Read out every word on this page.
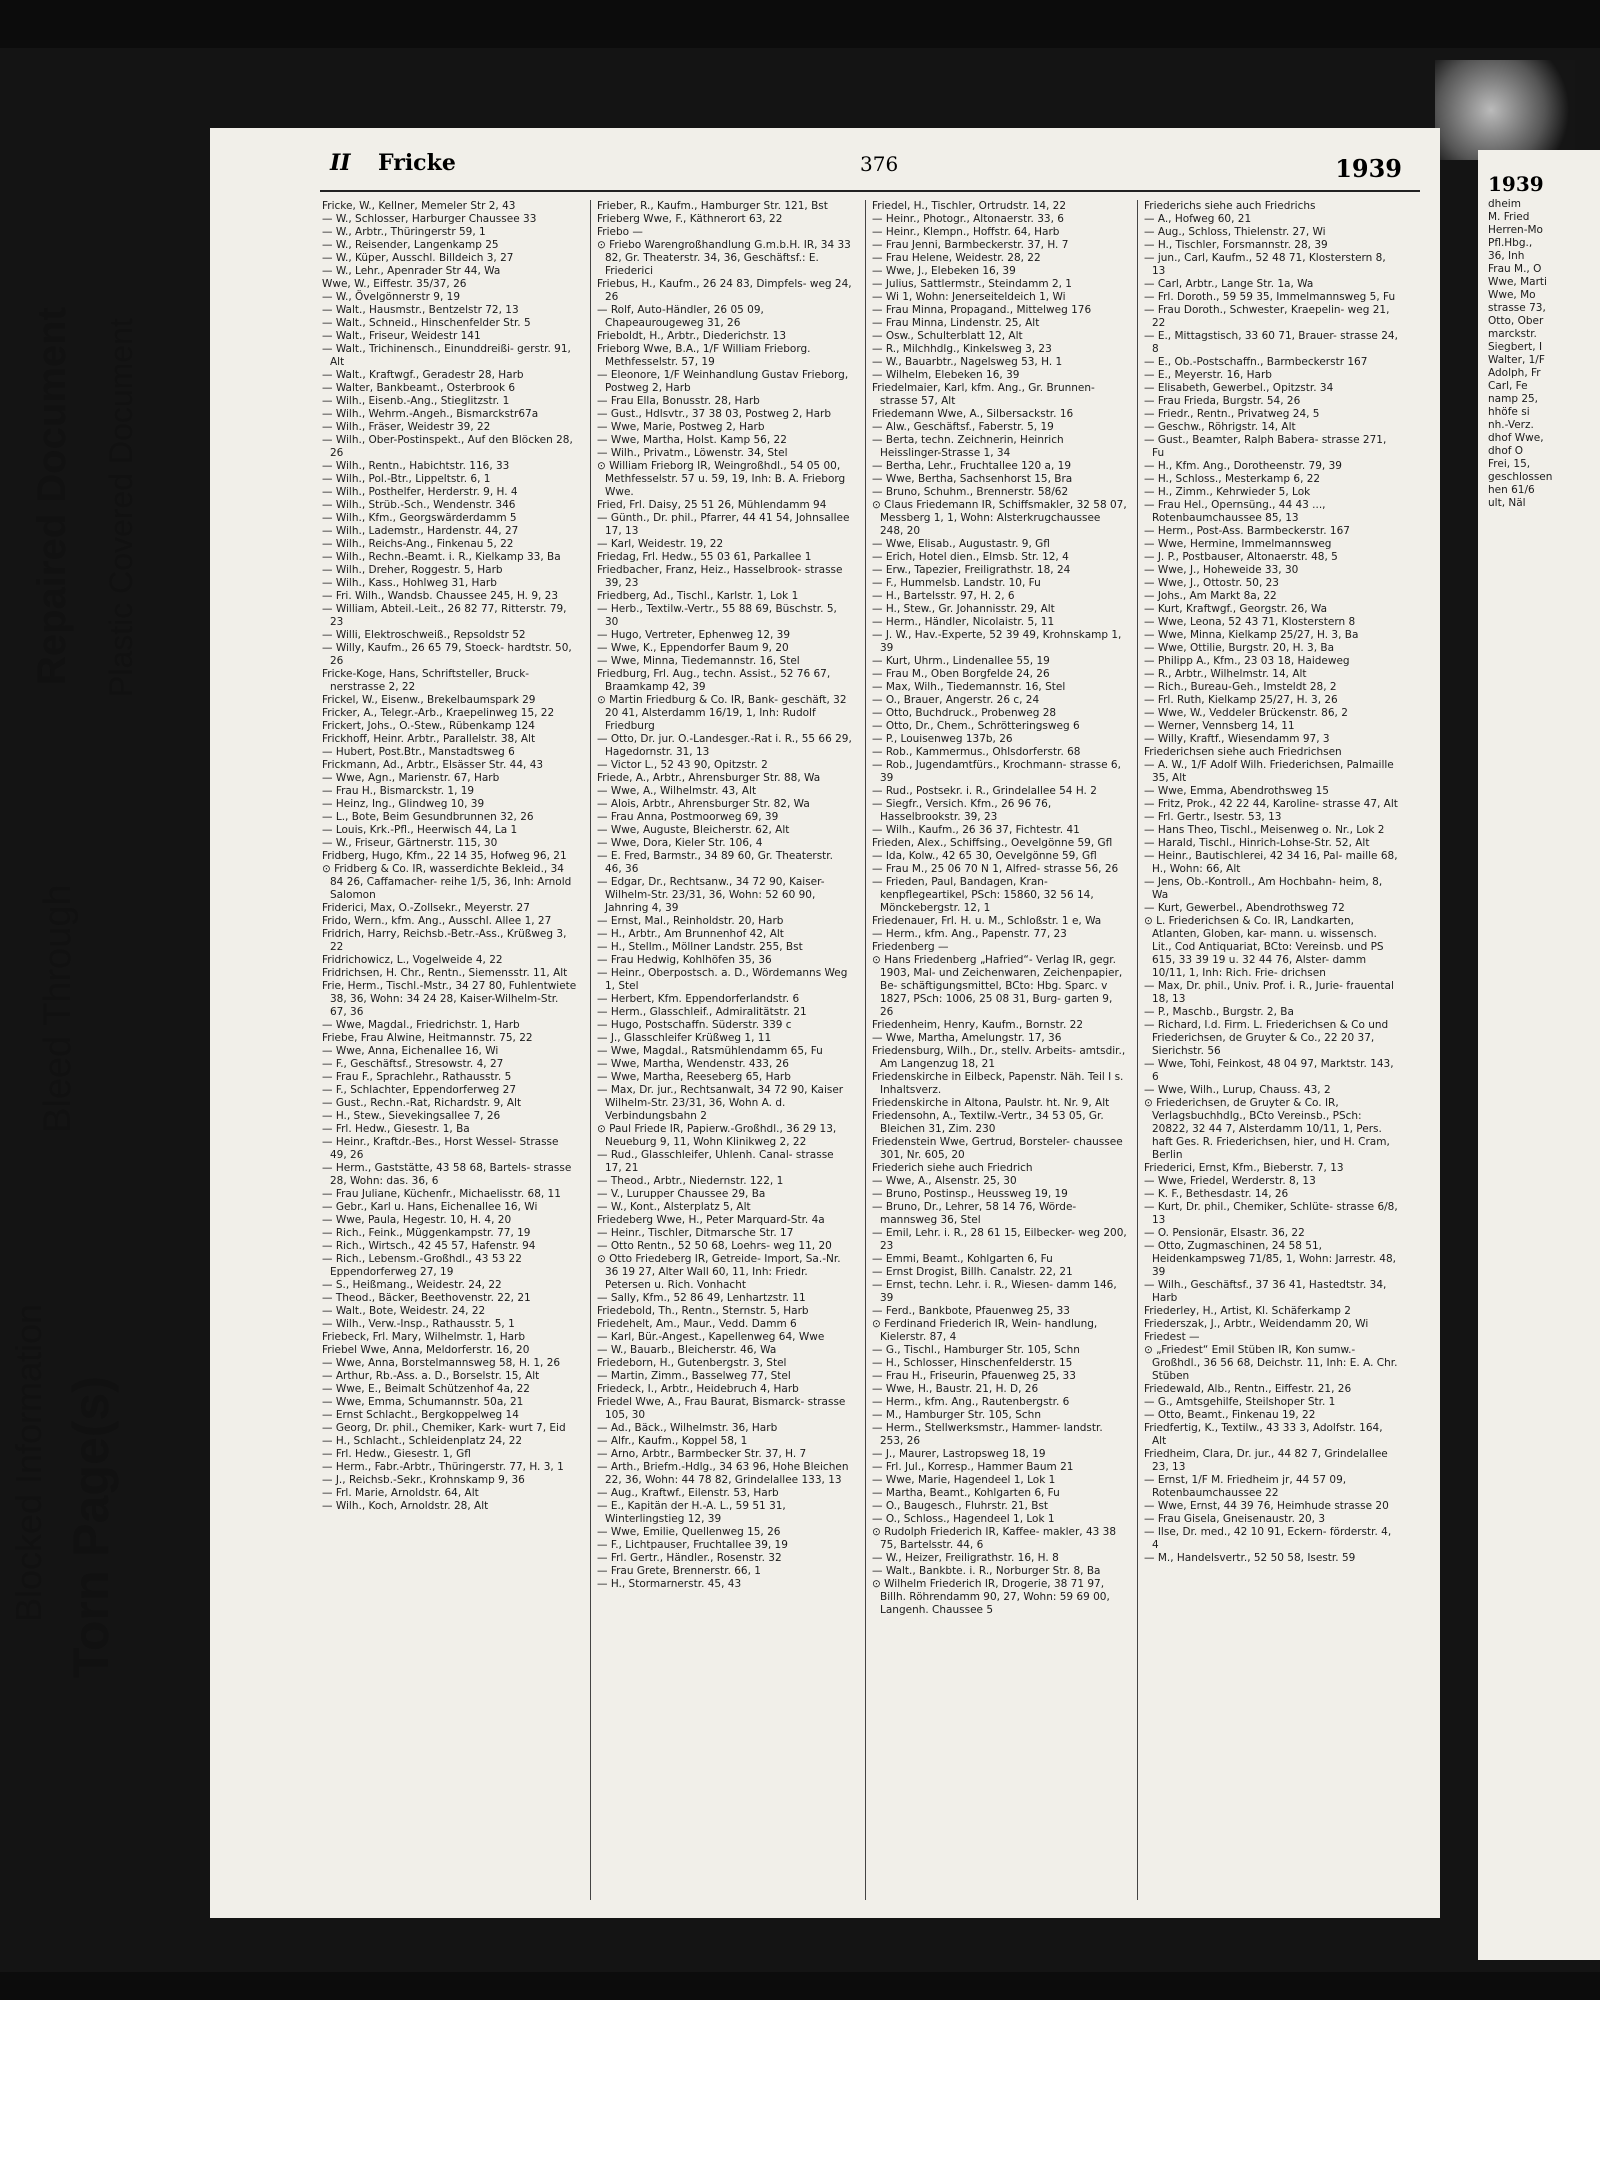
Blocked Information Torn Page(s)
Bleed Through
Repaired Document Plastic Covered Document
II Fricke	376	1939

Fricke, W., Kellner, Memeler Str 2, 43

— W., Schlosser, Harburger Chaussee 33

— W., Arbtr., Thüringerstr 59, 1

— W., Reisender, Langenkamp 25

— W., Küper, Ausschl. Billdeich 3, 27

— W., Lehr., Apenrader Str 44, Wa

Wwe, W., Eiffestr. 35/37, 26

— W., Övelgönnerstr 9, 19

— Walt., Hausmstr., Bentzelstr 72, 13

— Walt., Schneid., Hinschenfelder Str. 5

— Walt., Friseur, Weidestr 141

— Walt., Trichinensch., Einunddreißi- gerstr. 91, Alt

— Walt., Kraftwgf., Geradestr 28, Harb

— Walter, Bankbeamt., Osterbrook 6

— Wilh., Eisenb.-Ang., Stieglitzstr. 1

— Wilh., Wehrm.-Angeh., Bismarckstr67a

— Wilh., Fräser, Weidestr 39, 22

— Wilh., Ober-Postinspekt., Auf den Blöcken 28, 26

— Wilh., Rentn., Habichtstr. 116, 33

— Wilh., Pol.-Btr., Lippeltstr. 6, 1

— Wilh., Posthelfer, Herderstr. 9, H. 4

— Wilh., Strüb.-Sch., Wendenstr. 346

— Wilh., Kfm., Georgswärderdamm 5

— Wilh., Lademstr., Hardenstr. 44, 27

— Wilh., Reichs-Ang., Finkenau 5, 22

— Wilh., Rechn.-Beamt. i. R., Kielkamp 33, Ba

— Wilh., Dreher, Roggestr. 5, Harb

— Wilh., Kass., Hohlweg 31, Harb

— Fri. Wilh., Wandsb. Chaussee 245, H. 9, 23

— William, Abteil.-Leit., 26 82 77, Ritterstr. 79, 23

— Willi, Elektroschweiß., Repsoldstr 52

— Willy, Kaufm., 26 65 79, Stoeck- hardtstr. 50, 26

Fricke-Koge, Hans, Schriftsteller, Bruck- nerstrasse 2, 22

Frickel, W., Eisenw., Brekelbaumspark 29

Fricker, A., Telegr.-Arb., Kraepelinweg 15, 22

Frickert, Johs., O.-Stew., Rübenkamp 124

Frickhoff, Heinr. Arbtr., Parallelstr. 38, Alt

— Hubert, Post.Btr., Manstadtsweg 6

Frickmann, Ad., Arbtr., Elsässer Str. 44, 43

— Wwe, Agn., Marienstr. 67, Harb

— Frau H., Bismarckstr. 1, 19

— Heinz, Ing., Glindweg 10, 39

— L., Bote, Beim Gesundbrunnen 32, 26

— Louis, Krk.-Pfl., Heerwisch 44, La 1

— W., Friseur, Gärtnerstr. 115, 30

Fridberg, Hugo, Kfm., 22 14 35, Hofweg 96, 21

⊙ Fridberg & Co. IR, wasserdichte Bekleid., 34 84 26, Caffamacher- reihe 1/5, 36, Inh: Arnold Salomon

Friderici, Max, O.-Zollsekr., Meyerstr. 27

Frido, Wern., kfm. Ang., Ausschl. Allee 1, 27

Fridrich, Harry, Reichsb.-Betr.-Ass., Krüßweg 3, 22

Fridrichowicz, L., Vogelweide 4, 22

Fridrichsen, H. Chr., Rentn., Siemensstr. 11, Alt

Frie, Herm., Tischl.-Mstr., 34 27 80, Fuhlentwiete 38, 36, Wohn: 34 24 28, Kaiser-Wilhelm-Str. 67, 36

— Wwe, Magdal., Friedrichstr. 1, Harb

Friebe, Frau Alwine, Heitmannstr. 75, 22

— Wwe, Anna, Eichenallee 16, Wi

— F., Geschäftsf., Stresowstr. 4, 27

— Frau F., Sprachlehr., Rathausstr. 5

— F., Schlachter, Eppendorferweg 27

— Gust., Rechn.-Rat, Richardstr. 9, Alt

— H., Stew., Sievekingsallee 7, 26

— Frl. Hedw., Giesestr. 1, Ba

— Heinr., Kraftdr.-Bes., Horst Wessel- Strasse 49, 26

— Herm., Gaststätte, 43 58 68, Bartels- strasse 28, Wohn: das. 36, 6

— Frau Juliane, Küchenfr., Michaelisstr. 68, 11

— Gebr., Karl u. Hans, Eichenallee 16, Wi

— Wwe, Paula, Hegestr. 10, H. 4, 20

— Rich., Feink., Müggenkampstr. 77, 19

— Rich., Wirtsch., 42 45 57, Hafenstr. 94

— Rich., Lebensm.-Großhdl., 43 53 22 Eppendorferweg 27, 19

— S., Heißmang., Weidestr. 24, 22

— Theod., Bäcker, Beethovenstr. 22, 21

— Walt., Bote, Weidestr. 24, 22

— Wilh., Verw.-Insp., Rathausstr. 5, 1

Friebeck, Frl. Mary, Wilhelmstr. 1, Harb

Friebel Wwe, Anna, Meldorferstr. 16, 20

— Wwe, Anna, Borstelmannsweg 58, H. 1, 26

— Arthur, Rb.-Ass. a. D., Borselstr. 15, Alt

— Wwe, E., Beimalt Schützenhof 4a, 22

— Wwe, Emma, Schumannstr. 50a, 21

— Ernst Schlacht., Bergkoppelweg 14

— Georg, Dr. phil., Chemiker, Kark- wurt 7, Eid

— H., Schlacht., Schleidenplatz 24, 22

— Frl. Hedw., Giesestr. 1, Gfl

— Herm., Fabr.-Arbtr., Thüringerstr. 77, H. 3, 1

— J., Reichsb.-Sekr., Krohnskamp 9, 36

— Frl. Marie, Arnoldstr. 64, Alt

— Wilh., Koch, Arnoldstr. 28, Alt

Frieber, R., Kaufm., Hamburger Str. 121, Bst

Frieberg Wwe, F., Käthnerort 63, 22

Friebo —

⊙ Friebo Warengroßhandlung G.m.b.H. IR, 34 33 82, Gr. Theaterstr. 34, 36, Geschäftsf.: E. Friederici

Friebus, H., Kaufm., 26 24 83, Dimpfels- weg 24, 26

— Rolf, Auto-Händler, 26 05 09, Chapeaurougeweg 31, 26

Frieboldt, H., Arbtr., Diederichstr. 13

Frieborg Wwe, B.A., 1/F William Frieborg. Methfesselstr. 57, 19

— Eleonore, 1/F Weinhandlung Gustav Frieborg, Postweg 2, Harb

— Frau Ella, Bonusstr. 28, Harb

— Gust., Hdlsvtr., 37 38 03, Postweg 2, Harb

— Wwe, Marie, Postweg 2, Harb

— Wwe, Martha, Holst. Kamp 56, 22

— Wilh., Privatm., Löwenstr. 34, Stel

⊙ William Frieborg IR, Weingroßhdl., 54 05 00, Methfesselstr. 57 u. 59, 19, Inh: B. A. Frieborg Wwe.

Fried, Frl. Daisy, 25 51 26, Mühlendamm 94

— Günth., Dr. phil., Pfarrer, 44 41 54, Johnsallee 17, 13

— Karl, Weidestr. 19, 22

Friedag, Frl. Hedw., 55 03 61, Parkallee 1

Friedbacher, Franz, Heiz., Hasselbrook- strasse 39, 23

Friedberg, Ad., Tischl., Karlstr. 1, Lok 1

— Herb., Textilw.-Vertr., 55 88 69, Büschstr. 5, 30

— Hugo, Vertreter, Ephenweg 12, 39

— Wwe, K., Eppendorfer Baum 9, 20

— Wwe, Minna, Tiedemannstr. 16, Stel

Friedburg, Frl. Aug., techn. Assist., 52 76 67, Braamkamp 42, 39

⊙ Martin Friedburg & Co. IR, Bank- geschäft, 32 20 41, Alsterdamm 16/19, 1, Inh: Rudolf Friedburg

— Otto, Dr. jur. O.-Landesger.-Rat i. R., 55 66 29, Hagedornstr. 31, 13

— Victor L., 52 43 90, Opitzstr. 2

Friede, A., Arbtr., Ahrensburger Str. 88, Wa

— Wwe, A., Wilhelmstr. 43, Alt

— Alois, Arbtr., Ahrensburger Str. 82, Wa

— Frau Anna, Postmoorweg 69, 39

— Wwe, Auguste, Bleicherstr. 62, Alt

— Wwe, Dora, Kieler Str. 106, 4

— E. Fred, Barmstr., 34 89 60, Gr. Theaterstr. 46, 36

— Edgar, Dr., Rechtsanw., 34 72 90, Kaiser-Wilhelm-Str. 23/31, 36, Wohn: 52 60 90, Jahnring 4, 39

— Ernst, Mal., Reinholdstr. 20, Harb

— H., Arbtr., Am Brunnenhof 42, Alt

— H., Stellm., Möllner Landstr. 255, Bst

— Frau Hedwig, Kohlhöfen 35, 36

— Heinr., Oberpostsch. a. D., Wördemanns Weg 1, Stel

— Herbert, Kfm. Eppendorferlandstr. 6

— Herm., Glasschleif., Admiralitätstr. 21

— Hugo, Postschaffn. Süderstr. 339 c

— J., Glasschleifer Krüßweg 1, 11

— Wwe, Magdal., Ratsmühlendamm 65, Fu

— Wwe, Martha, Wendenstr. 433, 26

— Wwe, Martha, Reeseberg 65, Harb

— Max, Dr. jur., Rechtsanwalt, 34 72 90, Kaiser Wilhelm-Str. 23/31, 36, Wohn A. d. Verbindungsbahn 2

⊙ Paul Friede IR, Papierw.-Großhdl., 36 29 13, Neueburg 9, 11, Wohn Klinikweg 2, 22

— Rud., Glasschleifer, Uhlenh. Canal- strasse 17, 21

— Theod., Arbtr., Niedernstr. 122, 1

— V., Lurupper Chaussee 29, Ba

— W., Kont., Alsterplatz 5, Alt

Friedeberg Wwe, H., Peter Marquard-Str. 4a

— Heinr., Tischler, Ditmarsche Str. 17

— Otto Rentn., 52 50 68, Loehrs- weg 11, 20

⊙ Otto Friedeberg IR, Getreide- Import, Sa.-Nr. 36 19 27, Alter Wall 60, 11, Inh: Friedr. Petersen u. Rich. Vonhacht

— Sally, Kfm., 52 86 49, Lenhartzstr. 11

Friedebold, Th., Rentn., Sternstr. 5, Harb

Friedehelt, Am., Maur., Vedd. Damm 6

— Karl, Bür.-Angest., Kapellenweg 64, Wwe

— W., Bauarb., Bleicherstr. 46, Wa

Friedeborn, H., Gutenbergstr. 3, Stel

— Martin, Zimm., Basselweg 77, Stel

Friedeck, I., Arbtr., Heidebruch 4, Harb

Friedel Wwe, A., Frau Baurat, Bismarck- strasse 105, 30

— Ad., Bäck., Wilhelmstr. 36, Harb

— Alfr., Kaufm., Koppel 58, 1

— Arno, Arbtr., Barmbecker Str. 37, H. 7

— Arth., Briefm.-Hdlg., 34 63 96, Hohe Bleichen 22, 36, Wohn: 44 78 82, Grindelallee 133, 13

— Aug., Kraftwf., Eilenstr. 53, Harb

— E., Kapitän der H.-A. L., 59 51 31, Winterlingstieg 12, 39

— Wwe, Emilie, Quellenweg 15, 26

— F., Lichtpauser, Fruchtallee 39, 19

— Frl. Gertr., Händler., Rosenstr. 32

— Frau Grete, Brennerstr. 66, 1

— H., Stormarnerstr. 45, 43

Friedel, H., Tischler, Ortrudstr. 14, 22

— Heinr., Photogr., Altonaerstr. 33, 6

— Heinr., Klempn., Hoffstr. 64, Harb

— Frau Jenni, Barmbeckerstr. 37, H. 7

— Frau Helene, Weidestr. 28, 22

— Wwe, J., Elebeken 16, 39

— Julius, Sattlermstr., Steindamm 2, 1

— Wi 1, Wohn: Jenerseiteldeich 1, Wi

— Frau Minna, Propagand., Mittelweg 176

— Frau Minna, Lindenstr. 25, Alt

— Osw., Schulterblatt 12, Alt

— R., Milchhdlg., Kinkelsweg 3, 23

— W., Bauarbtr., Nagelsweg 53, H. 1

— Wilhelm, Elebeken 16, 39

Friedelmaier, Karl, kfm. Ang., Gr. Brunnen- strasse 57, Alt

Friedemann Wwe, A., Silbersackstr. 16

— Alw., Geschäftsf., Faberstr. 5, 19

— Berta, techn. Zeichnerin, Heinrich Heisslinger-Strasse 1, 34

— Bertha, Lehr., Fruchtallee 120 a, 19

— Wwe, Bertha, Sachsenhorst 15, Bra

— Bruno, Schuhm., Brennerstr. 58/62

⊙ Claus Friedemann IR, Schiffsmakler, 32 58 07, Messberg 1, 1, Wohn: Alsterkrugchaussee 248, 20

— Wwe, Elisab., Augustastr. 9, Gfl

— Erich, Hotel dien., Elmsb. Str. 12, 4

— Erw., Tapezier, Freiligrathstr. 18, 24

— F., Hummelsb. Landstr. 10, Fu

— H., Bartelsstr. 97, H. 2, 6

— H., Stew., Gr. Johannisstr. 29, Alt

— Herm., Händler, Nicolaistr. 5, 11

— J. W., Hav.-Experte, 52 39 49, Krohnskamp 1, 39

— Kurt, Uhrm., Lindenallee 55, 19

— Frau M., Oben Borgfelde 24, 26

— Max, Wilh., Tiedemannstr. 16, Stel

— O., Brauer, Angerstr. 26 c, 24

— Otto, Buchdruck., Probenweg 28

— Otto, Dr., Chem., Schrötteringsweg 6

— P., Louisenweg 137b, 26

— Rob., Kammermus., Ohlsdorferstr. 68

— Rob., Jugendamtfürs., Krochmann- strasse 6, 39

— Rud., Postsekr. i. R., Grindelallee 54 H. 2

— Siegfr., Versich. Kfm., 26 96 76, Hasselbrookstr. 39, 23

— Wilh., Kaufm., 26 36 37, Fichtestr. 41

Frieden, Alex., Schiffsing., Oevelgönne 59, Gfl

— Ida, Kolw., 42 65 30, Oevelgönne 59, Gfl

— Frau M., 25 06 70 N 1, Alfred- strasse 56, 26

— Frieden, Paul, Bandagen, Kran- kenpflegeartikel, PSch: 15860, 32 56 14, Mönckebergstr. 12, 1

Friedenauer, Frl. H. u. M., Schloßstr. 1 e, Wa

— Herm., kfm. Ang., Papenstr. 77, 23

Friedenberg —

⊙ Hans Friedenberg „Hafried“- Verlag IR, gegr. 1903, Mal- und Zeichenwaren, Zeichenpapier, Be- schäftigungsmittel, BCto: Hbg. Sparc. v 1827, PSch: 1006, 25 08 31, Burg- garten 9, 26

Friedenheim, Henry, Kaufm., Bornstr. 22

— Wwe, Martha, Amelungstr. 17, 36

Friedensburg, Wilh., Dr., stellv. Arbeits- amtsdir., Am Langenzug 18, 21

Friedenskirche in Eilbeck, Papenstr. Näh. Teil I s. Inhaltsverz.

Friedenskirche in Altona, Paulstr. ht. Nr. 9, Alt

Friedensohn, A., Textilw.-Vertr., 34 53 05, Gr. Bleichen 31, Zim. 230

Friedenstein Wwe, Gertrud, Borsteler- chaussee 301, Nr. 605, 20

Friederich siehe auch Friedrich

— Wwe, A., Alsenstr. 25, 30

— Bruno, Postinsp., Heussweg 19, 19

— Bruno, Dr., Lehrer, 58 14 76, Wörde- mannsweg 36, Stel

— Emil, Lehr. i. R., 28 61 15, Eilbecker- weg 200, 23

— Emmi, Beamt., Kohlgarten 6, Fu

— Ernst Drogist, Billh. Canalstr. 22, 21

— Ernst, techn. Lehr. i. R., Wiesen- damm 146, 39

— Ferd., Bankbote, Pfauenweg 25, 33

⊙ Ferdinand Friederich IR, Wein- handlung, Kielerstr. 87, 4

— G., Tischl., Hamburger Str. 105, Schn

— H., Schlosser, Hinschenfelderstr. 15

— Frau H., Friseurin, Pfauenweg 25, 33

— Wwe, H., Baustr. 21, H. D, 26

— Herm., kfm. Ang., Rautenbergstr. 6

— M., Hamburger Str. 105, Schn

— Herm., Stellwerksmstr., Hammer- landstr. 253, 26

— J., Maurer, Lastropsweg 18, 19

— Frl. Jul., Korresp., Hammer Baum 21

— Wwe, Marie, Hagendeel 1, Lok 1

— Martha, Beamt., Kohlgarten 6, Fu

— O., Baugesch., Fluhrstr. 21, Bst

— O., Schloss., Hagendeel 1, Lok 1

⊙ Rudolph Friederich IR, Kaffee- makler, 43 38 75, Bartelsstr. 44, 6

— W., Heizer, Freiligrathstr. 16, H. 8

— Walt., Bankbte. i. R., Norburger Str. 8, Ba

⊙ Wilhelm Friederich IR, Drogerie, 38 71 97, Billh. Röhrendamm 90, 27, Wohn: 59 69 00, Langenh. Chaussee 5

Friederichs siehe auch Friedrichs

— A., Hofweg 60, 21

— Aug., Schloss, Thielenstr. 27, Wi

— H., Tischler, Forsmannstr. 28, 39

— jun., Carl, Kaufm., 52 48 71, Klosterstern 8, 13

— Carl, Arbtr., Lange Str. 1a, Wa

— Frl. Doroth., 59 59 35, Immelmannsweg 5, Fu

— Frau Doroth., Schwester, Kraepelin- weg 21, 22

— E., Mittagstisch, 33 60 71, Brauer- strasse 24, 8

— E., Ob.-Postschaffn., Barmbeckerstr 167

— E., Meyerstr. 16, Harb

— Elisabeth, Gewerbel., Opitzstr. 34

— Frau Frieda, Burgstr. 54, 26

— Friedr., Rentn., Privatweg 24, 5

— Geschw., Röhrigstr. 14, Alt

— Gust., Beamter, Ralph Babera- strasse 271, Fu

— H., Kfm. Ang., Dorotheenstr. 79, 39

— H., Schloss., Mesterkamp 6, 22

— H., Zimm., Kehrwieder 5, Lok

— Frau Hel., Opernsüng., 44 43 ..., Rotenbaumchaussee 85, 13

— Herm., Post-Ass. Barmbeckerstr. 167

— Wwe, Hermine, Immelmannsweg

— J. P., Postbauser, Altonaerstr. 48, 5

— Wwe, J., Hoheweide 33, 30

— Wwe, J., Ottostr. 50, 23

— Johs., Am Markt 8a, 22

— Kurt, Kraftwgf., Georgstr. 26, Wa

— Wwe, Leona, 52 43 71, Klosterstern 8

— Wwe, Minna, Kielkamp 25/27, H. 3, Ba

— Wwe, Ottilie, Burgstr. 20, H. 3, Ba

— Philipp A., Kfm., 23 03 18, Haideweg

— R., Arbtr., Wilhelmstr. 14, Alt

— Rich., Bureau-Geh., Imsteldt 28, 2

— Frl. Ruth, Kielkamp 25/27, H. 3, 26

— Wwe, W., Veddeler Brückenstr. 86, 2

— Werner, Vennsberg 14, 11

— Willy, Kraftf., Wiesendamm 97, 3

Friederichsen siehe auch Friedrichsen

— A. W., 1/F Adolf Wilh. Friederichsen, Palmaille 35, Alt

— Wwe, Emma, Abendrothsweg 15

— Fritz, Prok., 42 22 44, Karoline- strasse 47, Alt

— Frl. Gertr., Isestr. 53, 13

— Hans Theo, Tischl., Meisenweg o. Nr., Lok 2

— Harald, Tischl., Hinrich-Lohse-Str. 52, Alt

— Heinr., Bautischlerei, 42 34 16, Pal- maille 68, H., Wohn: 66, Alt

— Jens, Ob.-Kontroll., Am Hochbahn- heim, 8, Wa

— Kurt, Gewerbel., Abendrothsweg 72

⊙ L. Friederichsen & Co. IR, Landkarten, Atlanten, Globen, kar- mann. u. wissensch. Lit., Cod Antiquariat, BCto: Vereinsb. und PS 615, 33 39 19 u. 32 44 76, Alster- damm 10/11, 1, Inh: Rich. Frie- drichsen

— Max, Dr. phil., Univ. Prof. i. R., Jurie- frauental 18, 13

— P., Maschb., Burgstr. 2, Ba

— Richard, I.d. Firm. L. Friederichsen & Co und Friederichsen, de Gruyter & Co., 22 20 37, Sierichstr. 56

— Wwe, Tohi, Feinkost, 48 04 97, Marktstr. 143, 6

— Wwe, Wilh., Lurup, Chauss. 43, 2

⊙ Friederichsen, de Gruyter & Co. IR, Verlagsbuchhdlg., BCto Vereinsb., PSch: 20822, 32 44 7, Alsterdamm 10/11, 1, Pers. haft Ges. R. Friederichsen, hier, und H. Cram, Berlin

Friederici, Ernst, Kfm., Bieberstr. 7, 13

— Wwe, Friedel, Werderstr. 8, 13

— K. F., Bethesdastr. 14, 26

— Kurt, Dr. phil., Chemiker, Schlüte- strasse 6/8, 13

— O. Pensionär, Elsastr. 36, 22

— Otto, Zugmaschinen, 24 58 51, Heidenkampsweg 71/85, 1, Wohn: Jarrestr. 48, 39

— Wilh., Geschäftsf., 37 36 41, Hastedtstr. 34, Harb

Friederley, H., Artist, Kl. Schäferkamp 2

Friederszak, J., Arbtr., Weidendamm 20, Wi

Friedest —

⊙ „Friedest“ Emil Stüben IR, Kon sumw.-Großhdl., 36 56 68, Deichstr. 11, Inh: E. A. Chr. Stüben

Friedewald, Alb., Rentn., Eiffestr. 21, 26

— G., Amtsgehilfe, Steilshoper Str. 1

— Otto, Beamt., Finkenau 19, 22

Friedfertig, K., Textilw., 43 33 3, Adolfstr. 164, Alt

Friedheim, Clara, Dr. jur., 44 82 7, Grindelallee 23, 13

— Ernst, 1/F M. Friedheim jr, 44 57 09, Rotenbaumchaussee 22

— Wwe, Ernst, 44 39 76, Heimhude strasse 20

— Frau Gisela, Gneisenaustr. 20, 3

— Ilse, Dr. med., 42 10 91, Eckern- förderstr. 4, 4

— M., Handelsvertr., 52 50 58, Isestr. 59

1939

dheim

M. Fried

Herren-Mo

Pfl.Hbg.,

36, Inh

Frau M., O

Wwe, Marti

Wwe, Mo

strasse 73,

Otto, Ober

marckstr.

Siegbert, I

Walter, 1/F

Adolph, Fr

Carl, Fe

namp 25,

hhöfe si

nh.-Verz.

dhof Wwe,

dhof O

Frei, 15,

geschlossen

hen 61/6

ult, Näl
